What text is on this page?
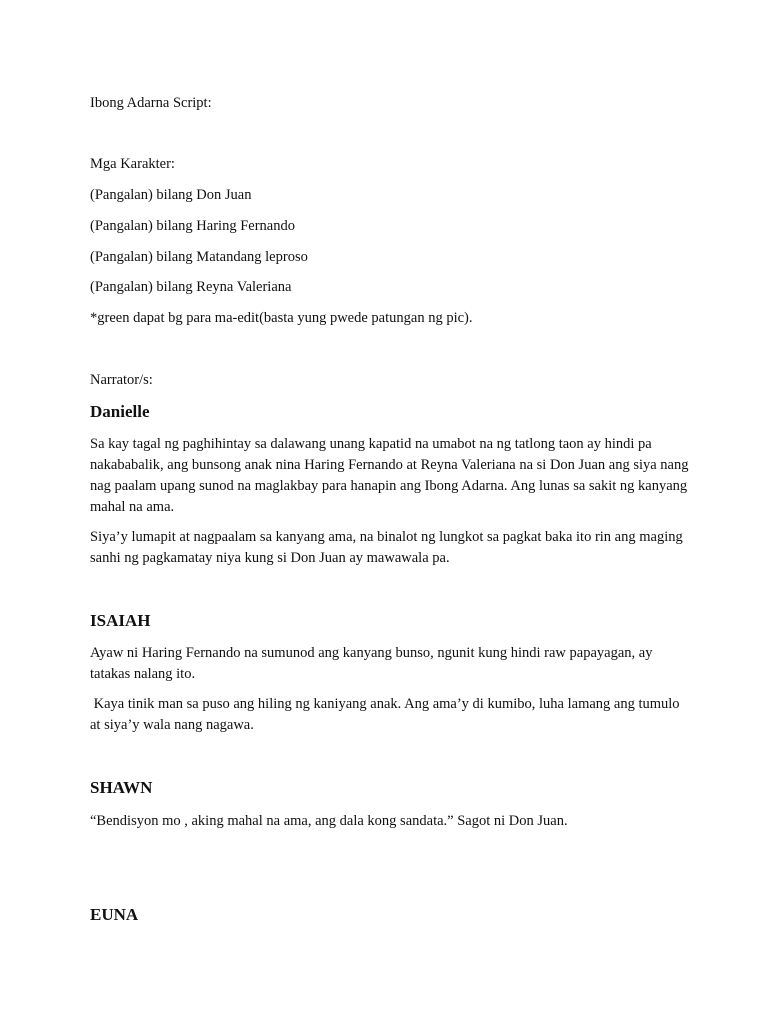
Ibong Adarna Script:
Mga Karakter:
(Pangalan) bilang Don Juan
(Pangalan) bilang Haring Fernando
(Pangalan) bilang Matandang leproso
(Pangalan) bilang Reyna Valeriana
*green dapat bg para ma-edit(basta yung pwede patungan ng pic).
Narrator/s:
Danielle
Sa kay tagal ng paghihintay sa dalawang unang kapatid na umabot na ng tatlong taon ay hindi pa nakababalik, ang bunsong anak nina Haring Fernando at Reyna Valeriana na si Don Juan ang siya nang nag paalam upang sunod na maglakbay para hanapin ang Ibong Adarna. Ang lunas sa sakit ng kanyang mahal na ama.
Siya’y lumapit at nagpaalam sa kanyang ama, na binalot ng lungkot sa pagkat baka ito rin ang maging sanhi ng pagkamatay niya kung si Don Juan ay mawawala pa.
ISAIAH
Ayaw ni Haring Fernando na sumunod ang kanyang bunso, ngunit kung hindi raw papayagan, ay tatakas nalang ito.
Kaya tinik man sa puso ang hiling ng kaniyang anak. Ang ama’y di kumibo, luha lamang ang tumulo at siya’y wala nang nagawa.
SHAWN
“Bendisyon mo , aking mahal na ama, ang dala kong sandata.” Sagot ni Don Juan.
EUNA
